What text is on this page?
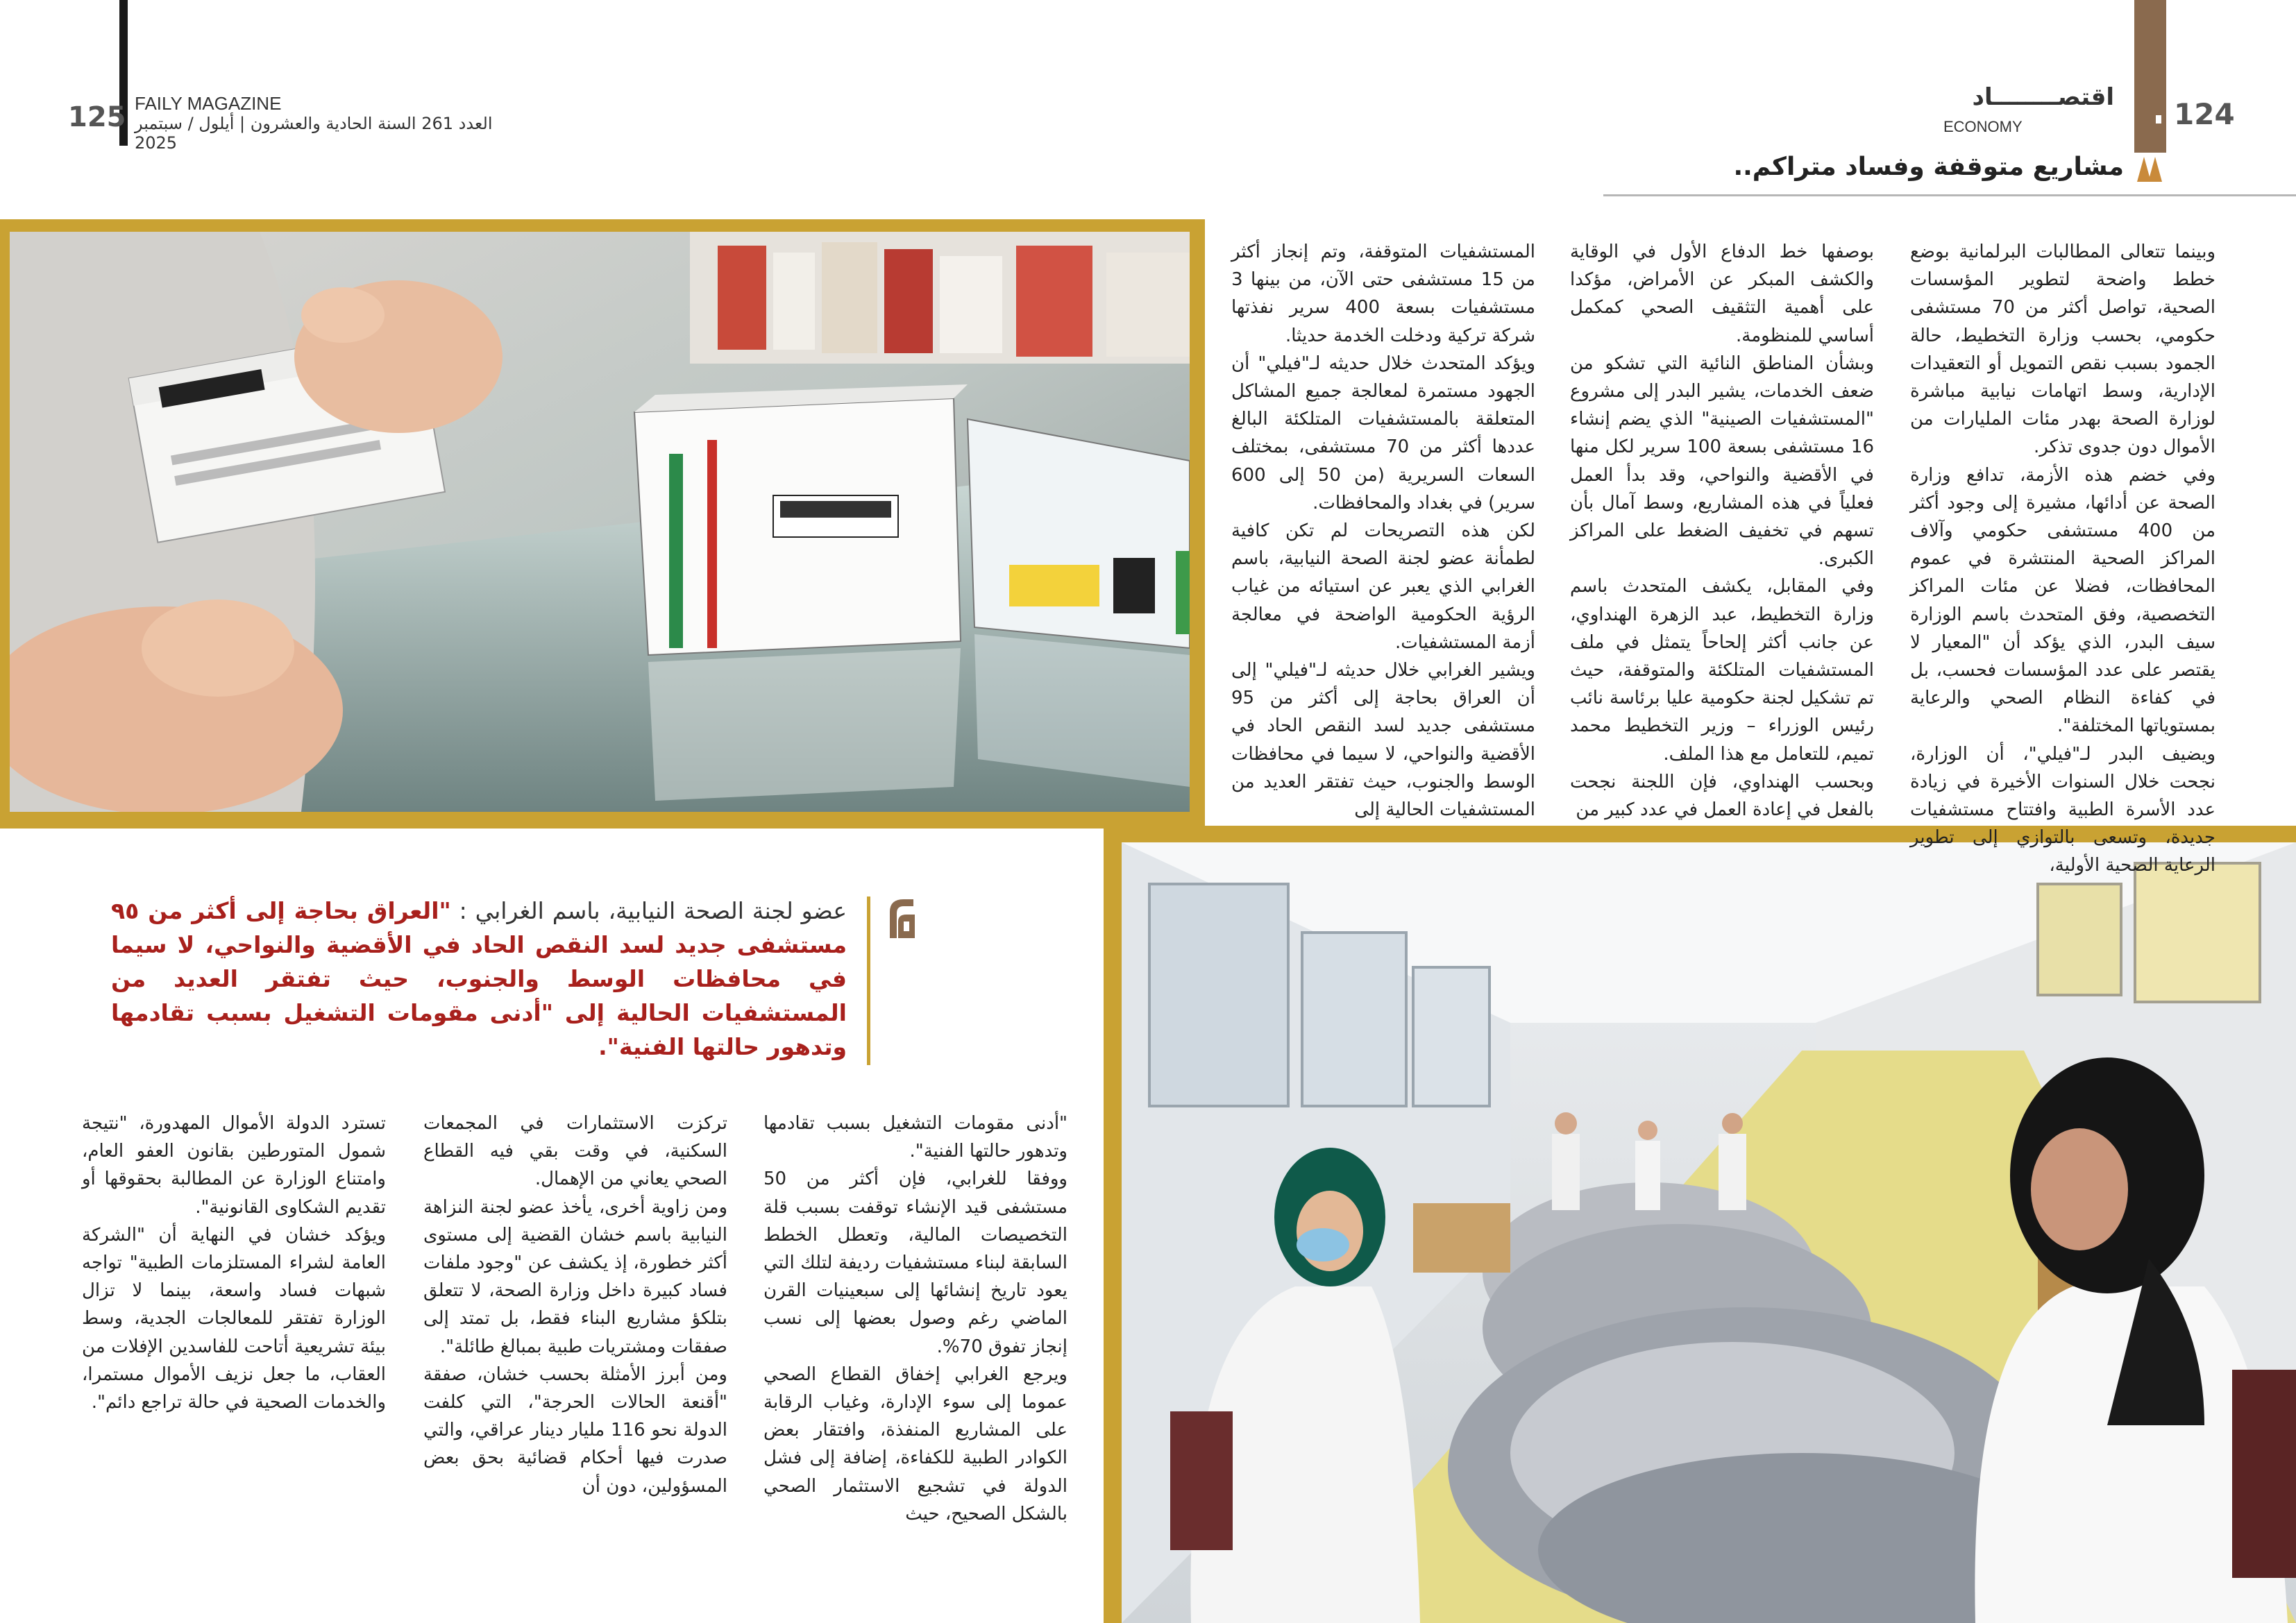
125 FAILY MAGAZINE
العدد 261 السنة الحادية والعشرون | أيلول / سبتمبر 2025
124
اقتصــــــــاد
ECONOMY
مشاريع متوقفة وفساد متراكم..

وبينما تتعالى المطالبات البرلمانية بوضع خطط واضحة لتطوير المؤسسات الصحية، تواصل أكثر من 70 مستشفى حكومي، بحسب وزارة التخطيط، حالة الجمود بسبب نقص التمويل أو التعقيدات الإدارية، وسط اتهامات نيابية مباشرة لوزارة الصحة بهدر مئات المليارات من الأموال دون جدوى تذكر.

وفي خضم هذه الأزمة، تدافع وزارة الصحة عن أدائها، مشيرة إلى وجود أكثر من 400 مستشفى حكومي وآلاف المراكز الصحية المنتشرة في عموم المحافظات، فضلا عن مئات المراكز التخصصية، وفق المتحدث باسم الوزارة سيف البدر، الذي يؤكد أن "المعيار لا يقتصر على عدد المؤسسات فحسب، بل في كفاءة النظام الصحي والرعاية بمستوياتها المختلفة".

ويضيف البدر لـ"فيلي"، أن الوزارة، نجحت خلال السنوات الأخيرة في زيادة عدد الأسرة الطبية وافتتاح مستشفيات جديدة، وتسعى بالتوازي إلى تطوير الرعاية الصحية الأولية،

بوصفها خط الدفاع الأول في الوقاية والكشف المبكر عن الأمراض، مؤكدا على أهمية التثقيف الصحي كمكمل أساسي للمنظومة.

وبشأن المناطق النائية التي تشكو من ضعف الخدمات، يشير البدر إلى مشروع "المستشفيات الصينية" الذي يضم إنشاء 16 مستشفى بسعة 100 سرير لكل منها في الأقضية والنواحي، وقد بدأ العمل فعلياً في هذه المشاريع، وسط آمال بأن تسهم في تخفيف الضغط على المراكز الكبرى.

وفي المقابل، يكشف المتحدث باسم وزارة التخطيط، عبد الزهرة الهنداوي، عن جانب أكثر إلحاحاً يتمثل في ملف المستشفيات المتلكئة والمتوقفة، حيث تم تشكيل لجنة حكومية عليا برئاسة نائب رئيس الوزراء – وزير التخطيط محمد تميم، للتعامل مع هذا الملف.

وبحسب الهنداوي، فإن اللجنة نجحت بالفعل في إعادة العمل في عدد كبير من

المستشفيات المتوقفة، وتم إنجاز أكثر من 15 مستشفى حتى الآن، من بينها 3 مستشفيات بسعة 400 سرير نفذتها شركة تركية ودخلت الخدمة حديثا.

ويؤكد المتحدث خلال حديثه لـ"فيلي" أن الجهود مستمرة لمعالجة جميع المشاكل المتعلقة بالمستشفيات المتلكئة البالغ عددها أكثر من 70 مستشفى، بمختلف السعات السريرية (من 50 إلى 600 سرير) في بغداد والمحافظات.

لكن هذه التصريحات لم تكن كافية لطمأنة عضو لجنة الصحة النيابية، باسم الغرابي الذي يعبر عن استيائه من غياب الرؤية الحكومية الواضحة في معالجة أزمة المستشفيات.

ويشير الغرابي خلال حديثه لـ"فيلي" إلى أن العراق بحاجة إلى أكثر من 95 مستشفى جديد لسد النقص الحاد في الأقضية والنواحي، لا سيما في محافظات الوسط والجنوب، حيث تفتقر العديد من المستشفيات الحالية إلى

"أدنى مقومات التشغيل بسبب تقادمها وتدهور حالتها الفنية".

ووفقا للغرابي، فإن أكثر من 50 مستشفى قيد الإنشاء توقفت بسبب قلة التخصيصات المالية، وتعطل الخطط السابقة لبناء مستشفيات رديفة لتلك التي يعود تاريخ إنشائها إلى سبعينيات القرن الماضي رغم وصول بعضها إلى نسب إنجاز تفوق 70%.

ويرجع الغرابي إخفاق القطاع الصحي عموما إلى سوء الإدارة، وغياب الرقابة على المشاريع المنفذة، وافتقار بعض الكوادر الطبية للكفاءة، إضافة إلى فشل الدولة في تشجيع الاستثمار الصحي بالشكل الصحيح، حيث

تركزت الاستثمارات في المجمعات السكنية، في وقت بقي فيه القطاع الصحي يعاني من الإهمال.

ومن زاوية أخرى، يأخذ عضو لجنة النزاهة النيابية باسم خشان القضية إلى مستوى أكثر خطورة، إذ يكشف عن "وجود ملفات فساد كبيرة داخل وزارة الصحة، لا تتعلق بتلكؤ مشاريع البناء فقط، بل تمتد إلى صفقات ومشتريات طبية بمبالغ طائلة".

ومن أبرز الأمثلة بحسب خشان، صفقة "أقنعة الحالات الحرجة"، التي كلفت الدولة نحو 116 مليار دينار عراقي، والتي صدرت فيها أحكام قضائية بحق بعض المسؤولين، دون أن

تسترد الدولة الأموال المهدورة، "نتيجة شمول المتورطين بقانون العفو العام، وامتناع الوزارة عن المطالبة بحقوقها أو تقديم الشكاوى القانونية".

ويؤكد خشان في النهاية أن "الشركة العامة لشراء المستلزمات الطبية" تواجه شبهات فساد واسعة، بينما لا تزال الوزارة تفتقر للمعالجات الجدية، وسط بيئة تشريعية أتاحت للفاسدين الإفلات من العقاب، ما جعل نزيف الأموال مستمرا، والخدمات الصحية في حالة تراجع دائم".

عضو لجنة الصحة النيابية، باسم الغرابي : "العراق بحاجة إلى أكثر من ٩٥ مستشفى جديد لسد النقص الحاد في الأقضية والنواحي، لا سيما في محافظات الوسط والجنوب، حيث تفتقر العديد من المستشفيات الحالية إلى "أدنى مقومات التشغيل بسبب تقادمها وتدهور حالتها الفنية".
